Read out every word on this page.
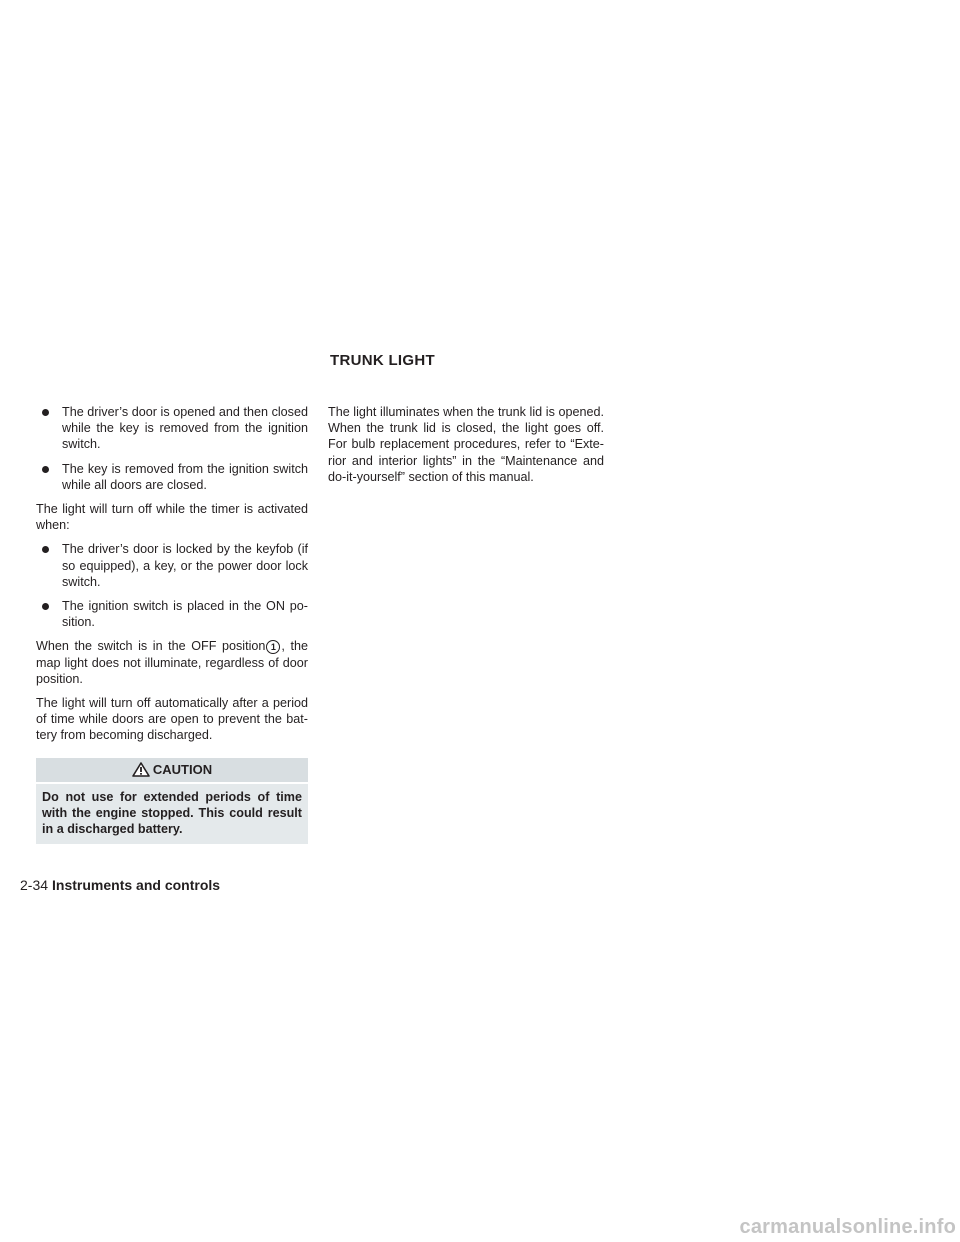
TRUNK LIGHT
The driver’s door is opened and then closed while the key is removed from the ignition switch.
The key is removed from the ignition switch while all doors are closed.

The light will turn off while the timer is activated when:

The driver’s door is locked by the keyfob (if so equipped), a key, or the power door lock switch.
The ignition switch is placed in the ON po- sition.

When the switch is in the OFF position 1 , the map light does not illuminate, regardless of door position.

The light will turn off automatically after a period of time while doors are open to prevent the bat- tery from becoming discharged.

CAUTION
Do not use for extended periods of time with the engine stopped. This could result in a discharged battery.

The light illuminates when the trunk lid is opened. When the trunk lid is closed, the light goes off. For bulb replacement procedures, refer to “Exte- rior and interior lights” in the “Maintenance and do-it-yourself” section of this manual.

2-34 Instruments and controls
carmanualsonline.info
